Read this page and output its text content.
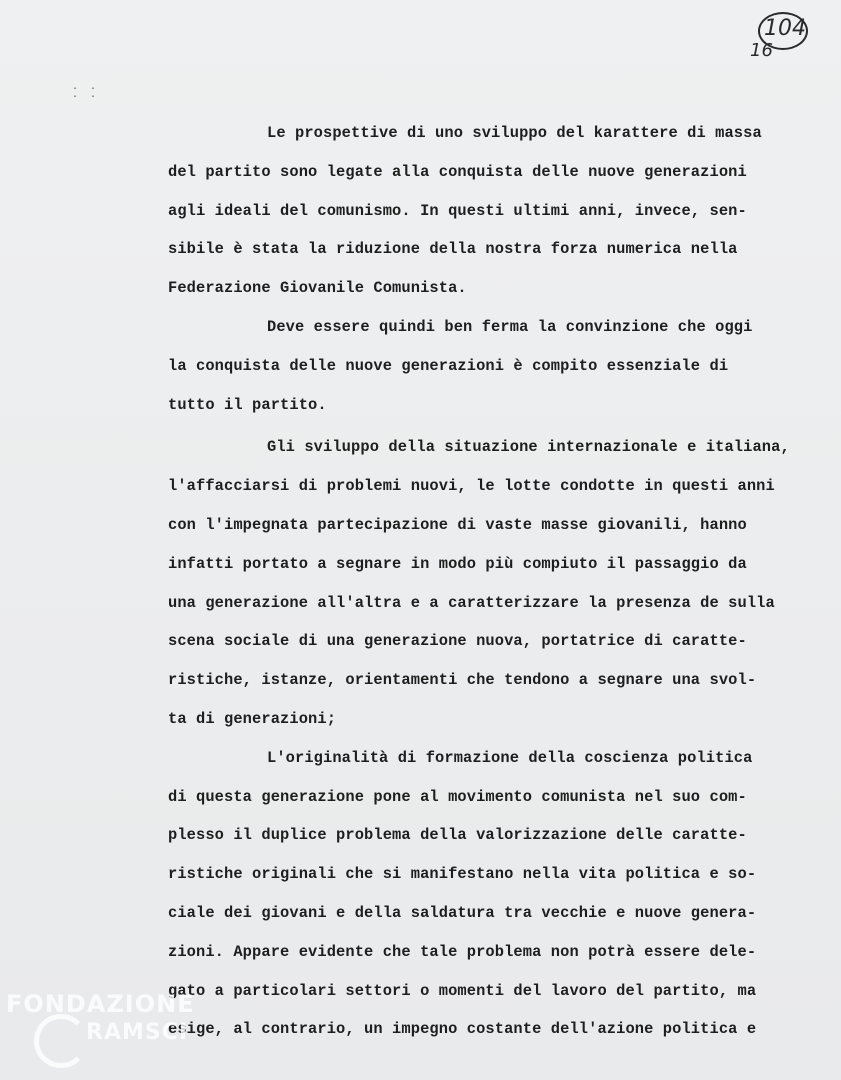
104
16
·  ·
·  ·
Le prospettive di uno sviluppo del karattere di massa
del partito sono legate alla conquista delle nuove generazioni
agli ideali del comunismo. In questi ultimi anni, invece, sen-
sibile è stata la riduzione della nostra forza numerica nella
Federazione Giovanile Comunista.
Deve essere quindi ben ferma la convinzione che oggi
la conquista delle nuove generazioni è compito essenziale di
tutto il partito.
Gli sviluppo della situazione internazionale e italiana,
l'affacciarsi di problemi nuovi, le lotte condotte in questi anni
con l'impegnata partecipazione di vaste masse giovanili, hanno
infatti portato a segnare in modo più compiuto il passaggio da
una generazione all'altra e a caratterizzare la presenza de sulla
scena sociale di una generazione nuova, portatrice di caratte-
ristiche, istanze, orientamenti che tendono a segnare una svol-
ta di generazioni;
L'originalità di formazione della coscienza politica
di questa generazione pone al movimento comunista nel suo com-
plesso il duplice problema della valorizzazione delle caratte-
ristiche originali che si manifestano nella vita politica e so-
ciale dei giovani e della saldatura tra vecchie e nuove genera-
zioni. Appare evidente che tale problema non potrà essere dele-
gato a particolari settori o momenti del lavoro del partito, ma
esige, al contrario, un impegno costante dell'azione politica e
FONDAZIONE
RAMSCI
